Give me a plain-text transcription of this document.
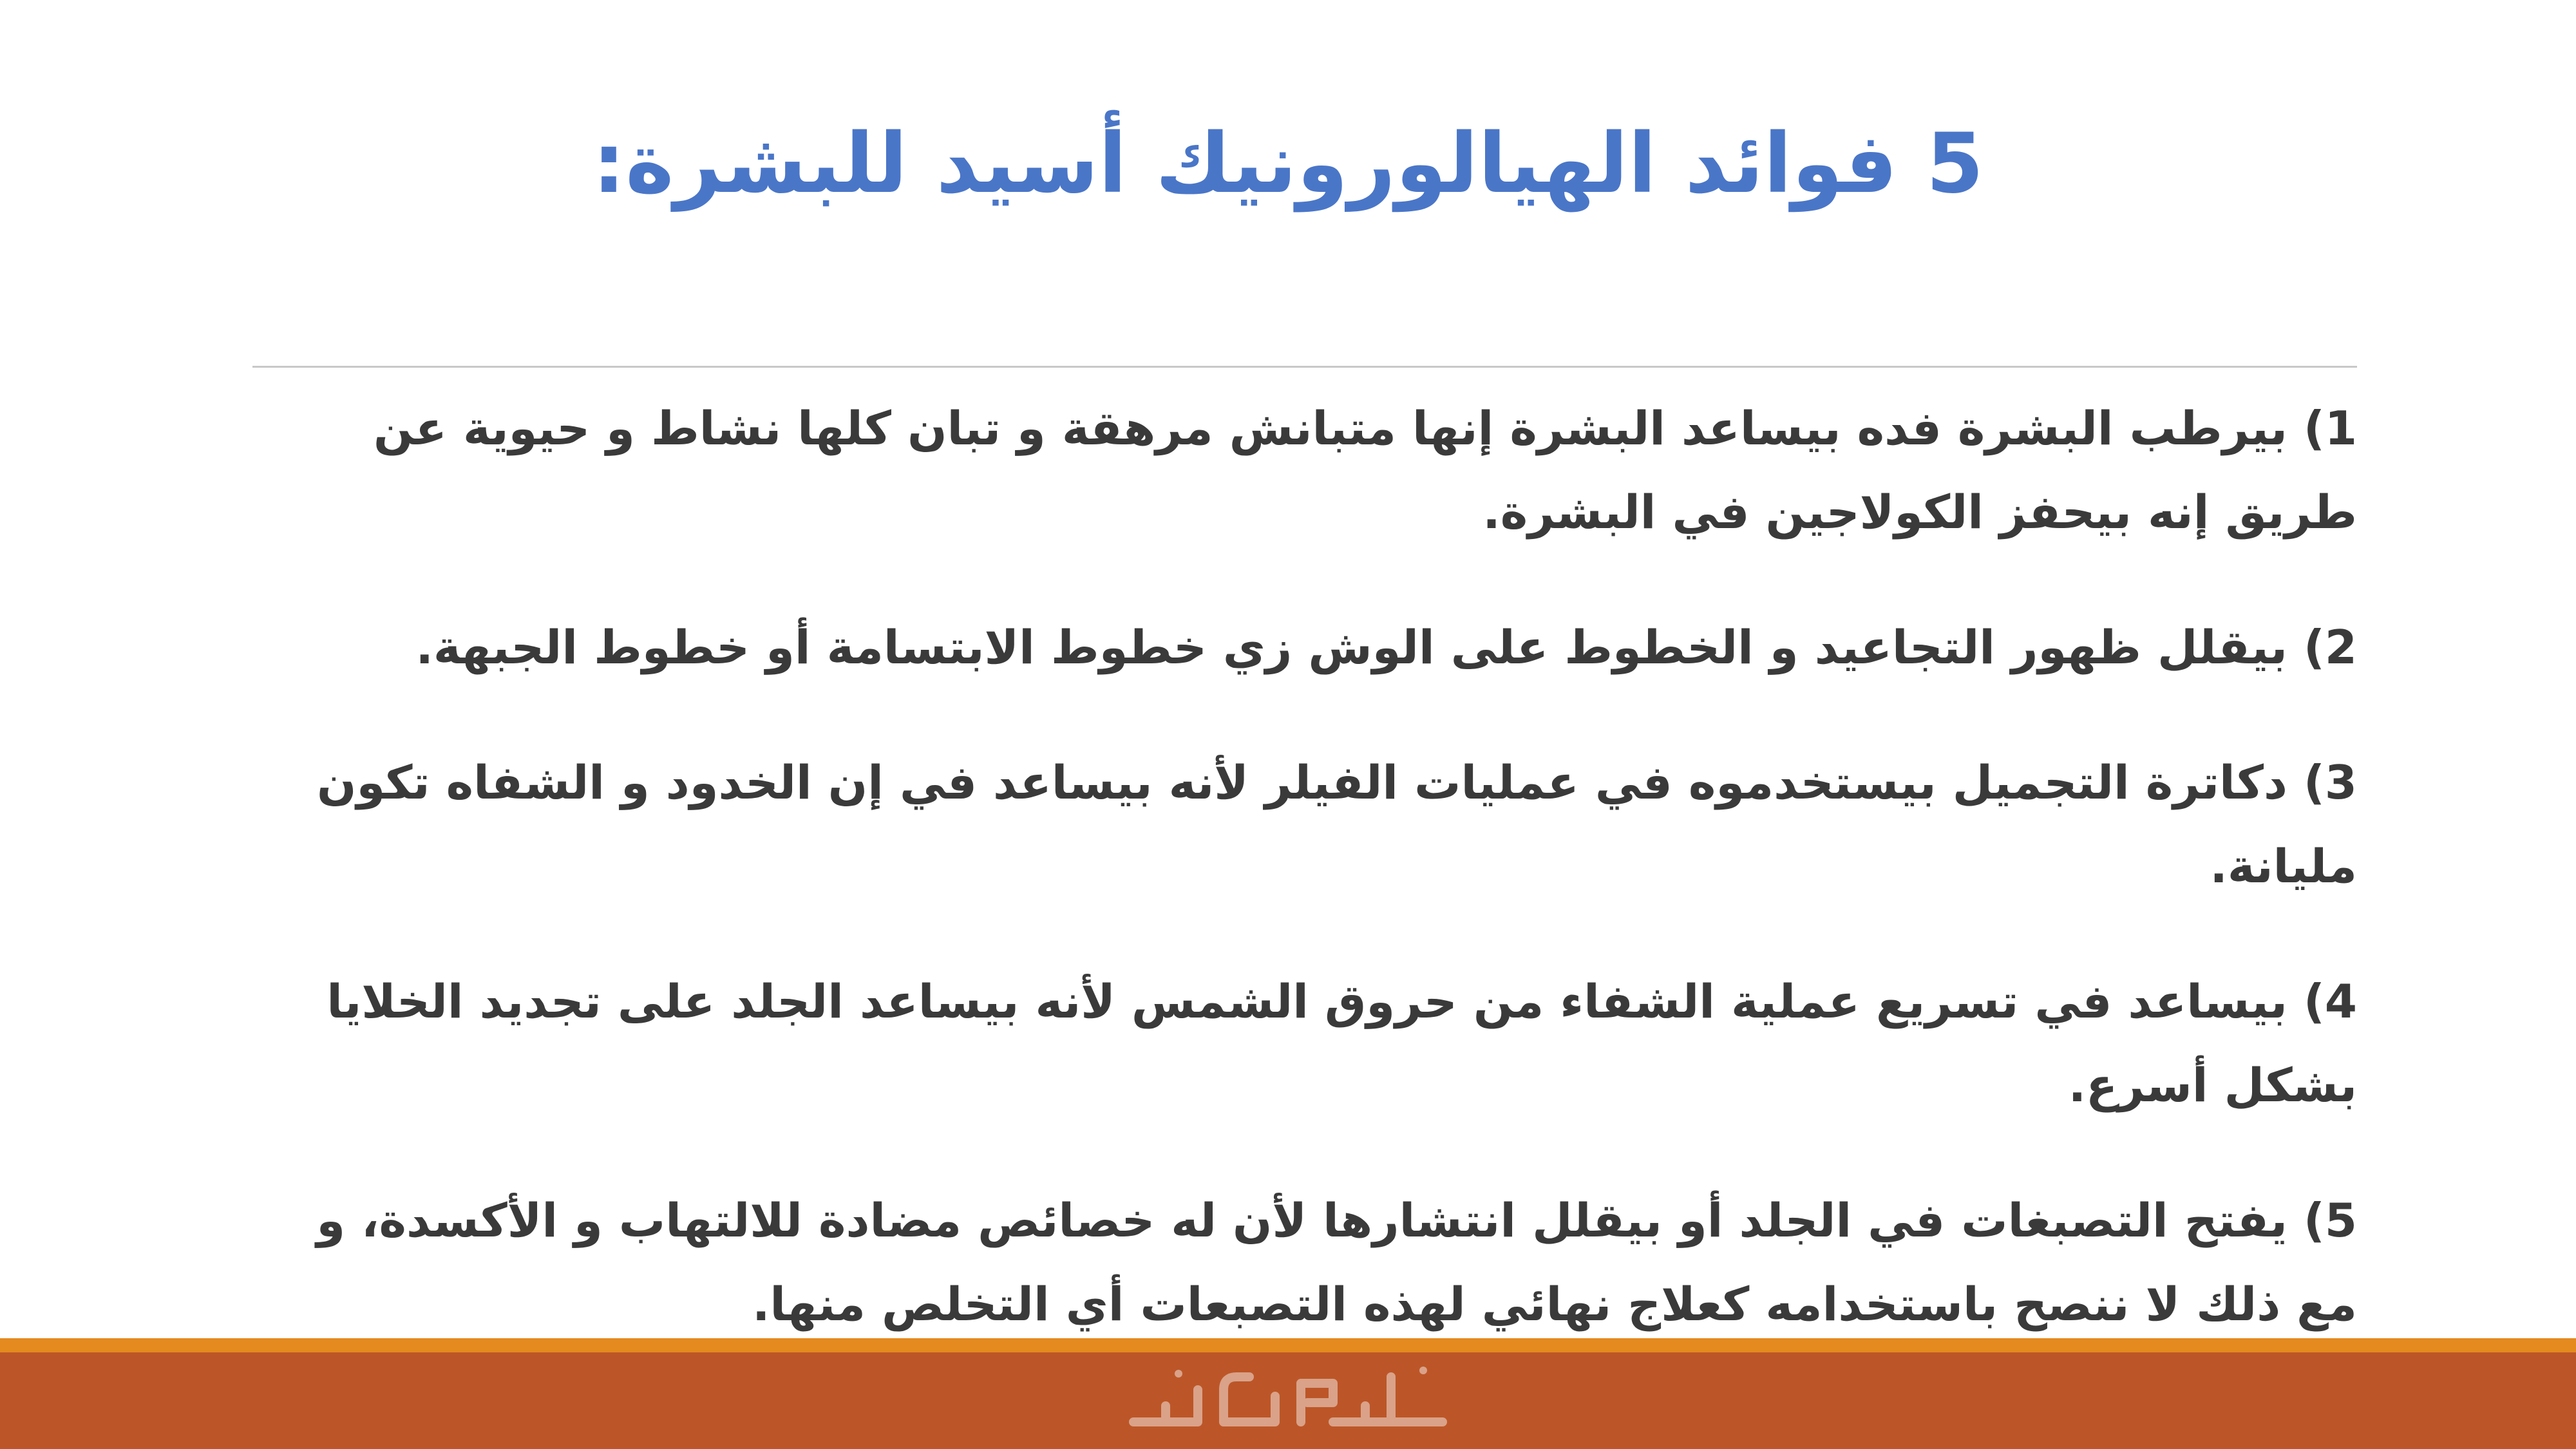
5 فوائد الهيالورونيك أسيد للبشرة:

1) بيرطب البشرة فده بيساعد البشرة إنها متبانش مرهقة و تبان كلها نشاط و حيوية عن طريق إنه بيحفز الكولاجين في البشرة.

2) بيقلل ظهور التجاعيد و الخطوط على الوش زي خطوط الابتسامة أو خطوط الجبهة.

3) دكاترة التجميل بيستخدموه في عمليات الفيلر لأنه بيساعد في إن الخدود و الشفاه تكون مليانة.

4) بيساعد في تسريع عملية الشفاء من حروق الشمس لأنه بيساعد الجلد على تجديد الخلايا بشكل أسرع.

5) يفتح التصبغات في الجلد أو بيقلل انتشارها لأن له خصائص مضادة للالتهاب و الأكسدة، و مع ذلك لا ننصح باستخدامه كعلاج نهائي لهذه التصبعات أي التخلص منها.
